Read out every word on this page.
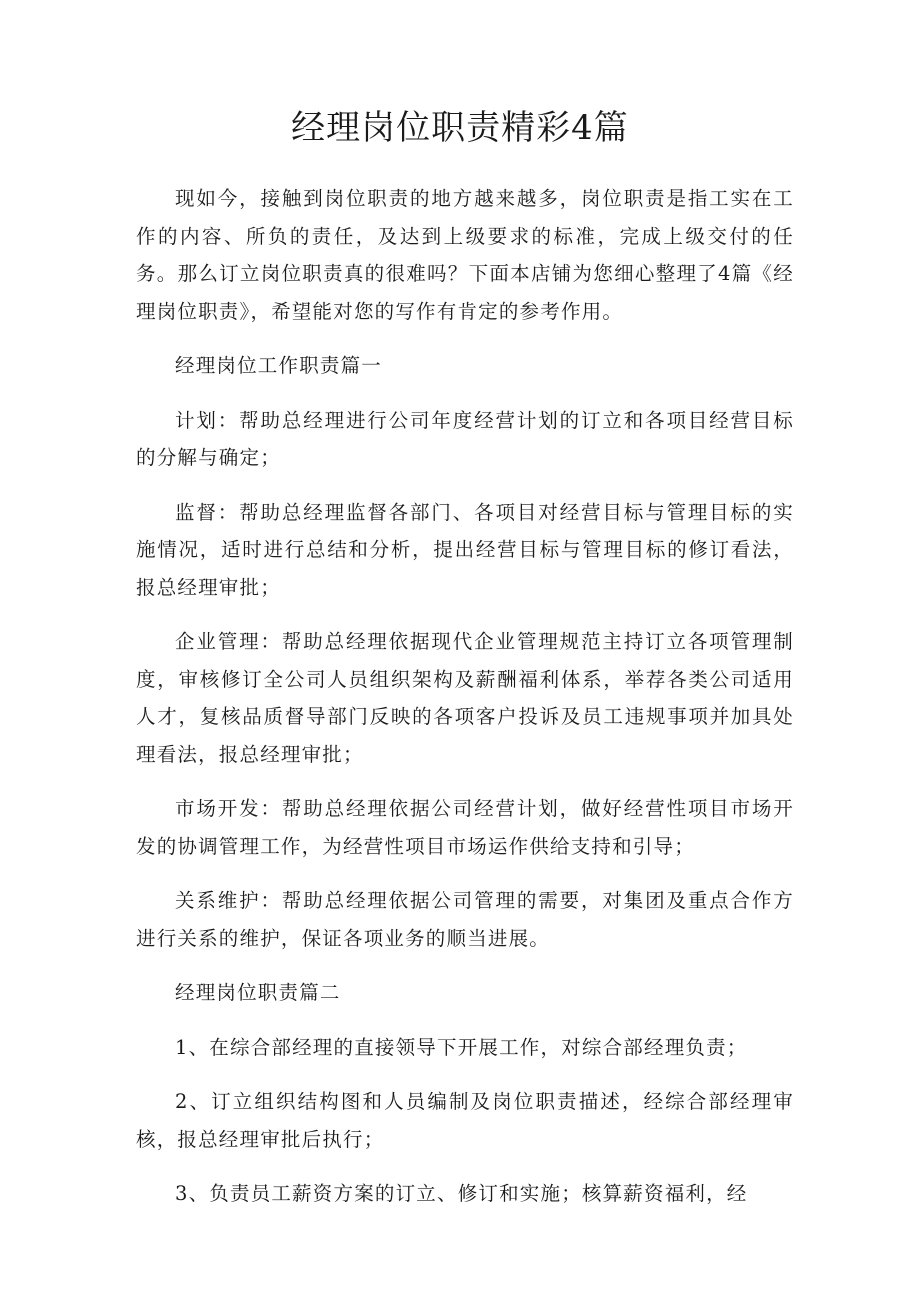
经理岗位职责精彩4篇

现如今，接触到岗位职责的地方越来越多，岗位职责是指工实在工作的内容、所负的责任，及达到上级要求的标准，完成上级交付的任务。那么订立岗位职责真的很难吗？下面本店铺为您细心整理了4篇《经理岗位职责》，希望能对您的写作有肯定的参考作用。

经理岗位工作职责篇一

计划：帮助总经理进行公司年度经营计划的订立和各项目经营目标的分解与确定；

监督：帮助总经理监督各部门、各项目对经营目标与管理目标的实施情况，适时进行总结和分析，提出经营目标与管理目标的修订看法，报总经理审批；

企业管理：帮助总经理依据现代企业管理规范主持订立各项管理制度，审核修订全公司人员组织架构及薪酬福利体系，举荐各类公司适用人才，复核品质督导部门反映的各项客户投诉及员工违规事项并加具处理看法，报总经理审批；

市场开发：帮助总经理依据公司经营计划，做好经营性项目市场开发的协调管理工作，为经营性项目市场运作供给支持和引导；

关系维护：帮助总经理依据公司管理的需要，对集团及重点合作方进行关系的维护，保证各项业务的顺当进展。

经理岗位职责篇二

1、在综合部经理的直接领导下开展工作，对综合部经理负责；

2、订立组织结构图和人员编制及岗位职责描述，经综合部经理审核，报总经理审批后执行；

3、负责员工薪资方案的订立、修订和实施；核算薪资福利，经
